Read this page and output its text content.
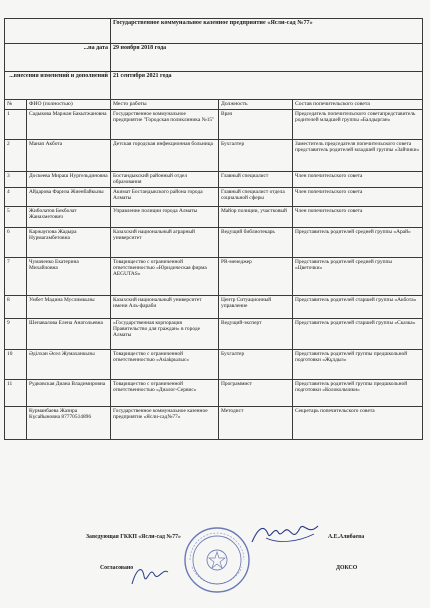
		Государственное коммунальное казенное предприятие «Ясли-сад №77»		
...на дата		29 ноября 2018 года		
...внесения изменений и дополнений		21 сентября 2021 года		
№	ФИО (полностью)	Место работы	Должность	Состав попечительского совета
1	Садыкова Маржан Бакытжановна	Государственное коммунальное предприятие "Городская поликлиника №15"	Врач	Председатель попечительского советапредставитель родителей младшей группы «Балдырган»
2	Манап Акбота	Детская городская инфекционная больница	Бухгалтер	Заместитель председателя попечительского совета представитель родителей младшей группы «Зайчики»
3	Доскеева Мираш Нургельдиновна	Бостандыкский районный отдел образования	Главный специалист	Член попечительского совета
4	Айдарова Фариза Жиенбайкызы	Акимат Бостандыкского района города Алматы	Главный специалист отдела социальной сферы	Член попечительского совета
5	Жиболатов Бекболат Жанахметович	Управление полиции города Алматы	Майор полиции, участковый	Член попечительского совета
6	Каржаупова Жадыра Нурмагамбетовна	Казахский национальный аграрный университет	Ведущий библиотекарь	Представитель родителей средней группы «Арай»
7	Чумаченко Екатерина Михайловна	Товарищество с ограниченной ответственностью «Юридическая фирма AEGUTAS»	PR-менеджер	Представитель родителей средней группы «Цветочки»
8	Умбет Мадина Муслимкызы	Казахский национальный университет имени Аль-фараби	Центр Ситуационный управление	Представитель родителей старшей группы «Акбота»
9	Шепавалова Елена Анатольевна	«Государственная корпорация Правительство для граждан» в городе Алматы	Ведущий-эксперт	Представитель родителей старшей группы «Сказка»
10	Әділхан Әсел Жумаханкызы	Товарищество с ограниченной ответственностью «Asiakрылыс»	Бухгалтер	Представитель родителей группы предшкольной подготовки «Жұлдыз»
11	Рудковская Диана Владимировна	Товарищество с ограниченной ответственностью «Диалог-Сервис»	Программист	Представитель родителей группы предшкольной подготовки «Колокольчики»
	Курманбаева Жазира Күсайыновна 87770514896	Государственное коммунальное казенное предприятие «Ясли-сад№77»	Методист	Секретарь попечительского совета
Заведующая ГККП «Ясли-сад №77»	А.Е.Алибаева
Согласовано	ДОКСО
